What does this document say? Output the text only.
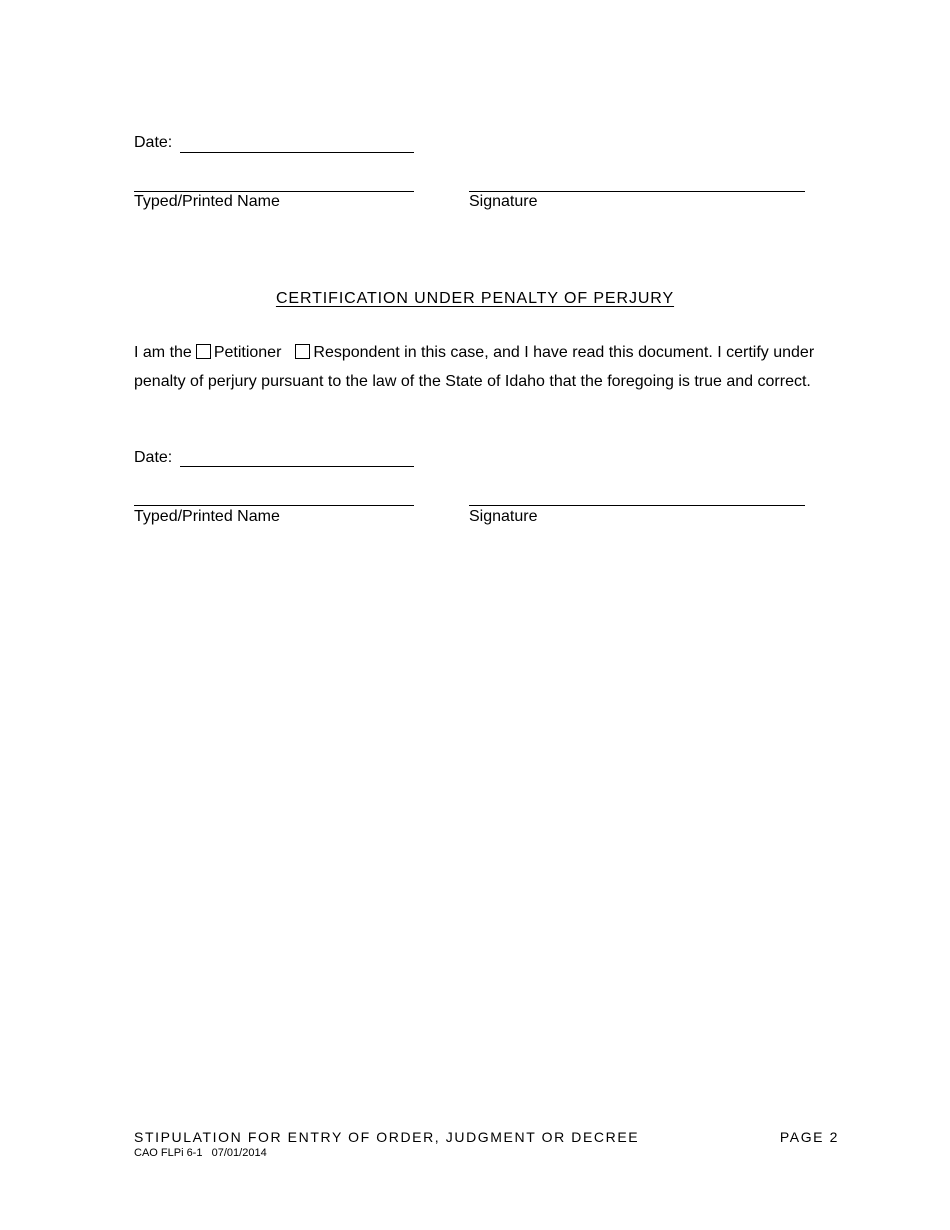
Date:
Typed/Printed Name	Signature
CERTIFICATION UNDER PENALTY OF PERJURY
I am the Petitioner Respondent in this case, and I have read this document. I certify under penalty of perjury pursuant to the law of the State of Idaho that the foregoing is true and correct.
Date:
Typed/Printed Name	Signature
STIPULATION FOR ENTRY OF ORDER, JUDGMENT OR DECREE	PAGE 2
CAO FLPi 6-1   07/01/2014
